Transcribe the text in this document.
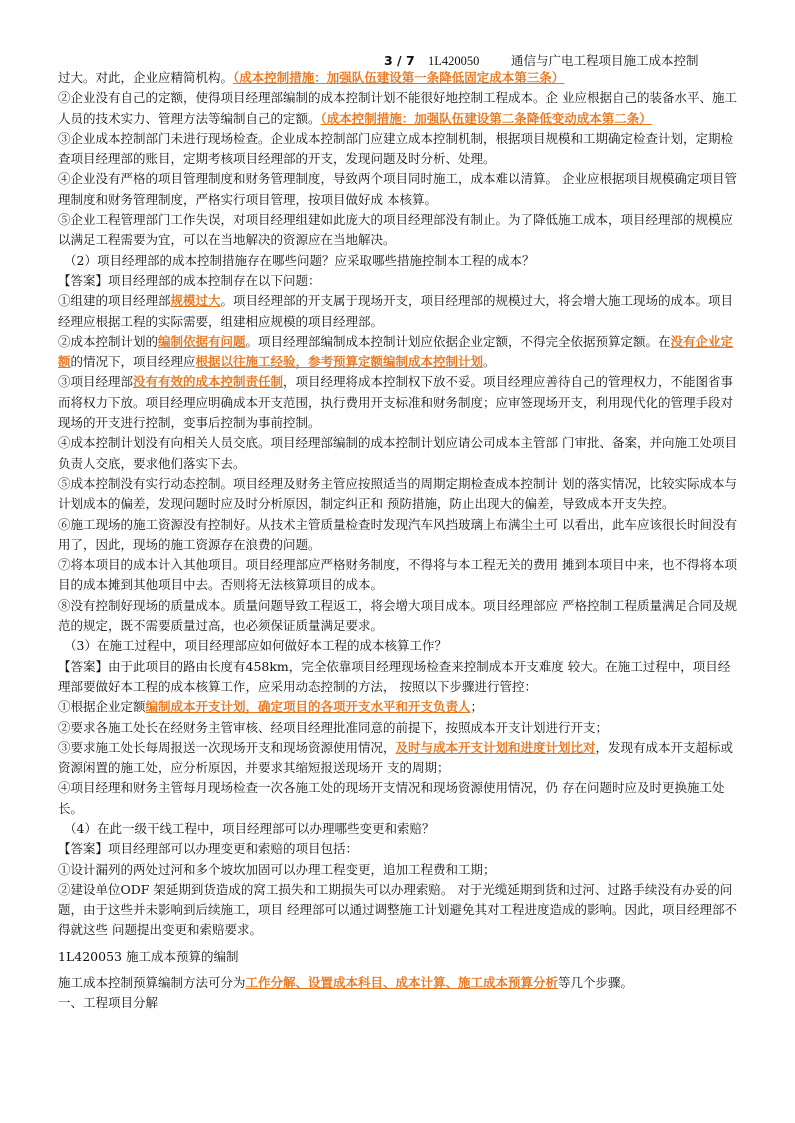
3 / 7 1L420050	通信与广电工程项目施工成本控制

过大。对此，企业应精简机构。（成本控制措施：加强队伍建设第一条降低固定成本第三条）

②企业没有自己的定额，使得项目经理部编制的成本控制计划不能很好地控制工程成本。企 业应根据自己的装备水平、施工人员的技术实力、管理方法等编制自己的定额。（成本控制措施：加强队伍建设第二条降低变动成本第二条）

③企业成本控制部门未进行现场检查。企业成本控制部门应建立成本控制机制，根据项目规模和工期确定检查计划，定期检查项目经理部的账目，定期考核项目经理部的开支，发现问题及时分析、处理。

④企业没有严格的项目管理制度和财务管理制度，导致两个项目同时施工，成本难以清算。 企业应根据项目规模确定项目管理制度和财务管理制度，严格实行项目管理，按项目做好成 本核算。

⑤企业工程管理部门工作失误，对项目经理组建如此庞大的项目经理部没有制止。为了降低施工成本，项目经理部的规模应以满足工程需要为宜，可以在当地解决的资源应在当地解决。

（2）项目经理部的成本控制措施存在哪些问题？应采取哪些措施控制本工程的成本？

【答案】项目经理部的成本控制存在以下问题：

①组建的项目经理部规模过大。项目经理部的开支属于现场开支，项目经理部的规模过大，将会增大施工现场的成本。项目经理应根据工程的实际需要，组建相应规模的项目经理部。

②成本控制计划的编制依据有问题。项目经理部编制成本控制计划应依据企业定额，不得完全依据预算定额。在没有企业定额的情况下，项目经理应根据以往施工经验，参考预算定额编制成本控制计划。

③项目经理部没有有效的成本控制责任制，项目经理将成本控制权下放不妥。项目经理应善待自己的管理权力，不能图省事而将权力下放。项目经理应明确成本开支范围，执行费用开支标准和财务制度；应审签现场开支，利用现代化的管理手段对现场的开支进行控制，变事后控制为事前控制。

④成本控制计划没有向相关人员交底。项目经理部编制的成本控制计划应请公司成本主管部 门审批、备案，并向施工处项目负责人交底，要求他们落实下去。

⑤成本控制没有实行动态控制。项目经理及财务主管应按照适当的周期定期检查成本控制计 划的落实情况，比较实际成本与计划成本的偏差，发现问题时应及时分析原因，制定纠正和 预防措施，防止出现大的偏差，导致成本开支失控。

⑥施工现场的施工资源没有控制好。从技术主管质量检查时发现汽车风挡玻璃上布满尘土可 以看出，此车应该很长时间没有用了，因此，现场的施工资源存在浪费的问题。

⑦将本项目的成本计入其他项目。项目经理部应严格财务制度，不得将与本工程无关的费用 摊到本项目中来，也不得将本项目的成本摊到其他项目中去。否则将无法核算项目的成本。

⑧没有控制好现场的质量成本。质量问题导致工程返工，将会增大项目成本。项目经理部应 严格控制工程质量满足合同及规范的规定，既不需要质量过高，也必须保证质量满足要求。

（3）在施工过程中，项目经理部应如何做好本工程的成本核算工作？

【答案】由于此项目的路由长度有458km，完全依靠项目经理现场检查来控制成本开支难度 较大。在施工过程中，项目经理部要做好本工程的成本核算工作，应采用动态控制的方法， 按照以下步骤进行管控：

①根据企业定额编制成本开支计划，确定项目的各项开支水平和开支负责人；

②要求各施工处长在经财务主管审核、经项目经理批准同意的前提下，按照成本开支计划进行开支；

③要求施工处长每周报送一次现场开支和现场资源使用情况，及时与成本开支计划和进度计划比对，发现有成本开支超标或资源闲置的施工处，应分析原因，并要求其缩短报送现场开 支的周期；

④项目经理和财务主管每月现场检查一次各施工处的现场开支情况和现场资源使用情况，仍 存在问题时应及时更换施工处长。

（4）在此一级干线工程中，项目经理部可以办理哪些变更和索赔？

【答案】项目经理部可以办理变更和索赔的项目包括：

①设计漏列的两处过河和多个坡坎加固可以办理工程变更，追加工程费和工期；

②建设单位ODF 架延期到货造成的窝工损失和工期损失可以办理索赔。 对于光缆延期到货和过河、过路手续没有办妥的问题，由于这些并未影响到后续施工，项目 经理部可以通过调整施工计划避免其对工程进度造成的影响。因此，项目经理部不得就这些 问题提出变更和索赔要求。

1L420053 施工成本预算的编制

施工成本控制预算编制方法可分为工作分解、设置成本科目、成本计算、施工成本预算分析等几个步骤。

一、工程项目分解
